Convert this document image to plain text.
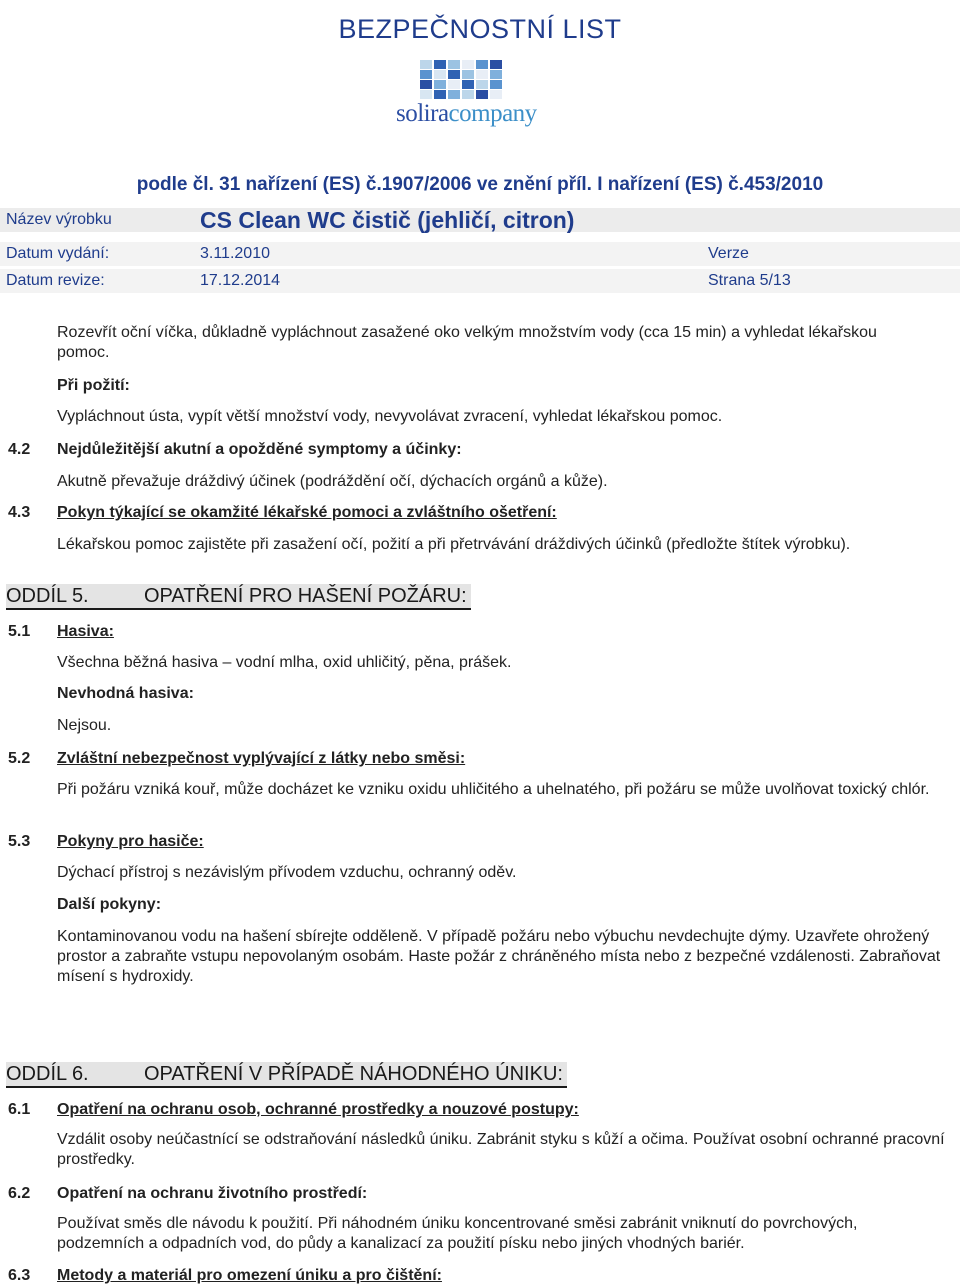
BEZPEČNOSTNÍ LIST
soliracompany
podle čl. 31 nařízení (ES) č.1907/2006 ve znění příl. I nařízení (ES) č.453/2010
Název výrobku	CS Clean WC čistič (jehličí, citron)
Datum vydání:	3.11.2010	Verze
Datum revize:	17.12.2014	Strana 5/13
Rozevřít oční víčka, důkladně vypláchnout zasažené oko velkým množstvím vody (cca 15 min) a vyhledat lékařskou pomoc.
Při požití:
Vypláchnout ústa, vypít větší množství vody, nevyvolávat zvracení, vyhledat lékařskou pomoc.
4.2 Nejdůležitější akutní a opožděné symptomy a účinky:
Akutně převažuje dráždivý účinek (podráždění očí, dýchacích orgánů a kůže).
4.3 Pokyn týkající se okamžité lékařské pomoci a zvláštního ošetření:
Lékařskou pomoc zajistěte při zasažení očí, požití a při přetrvávání dráždivých účinků (předložte štítek výrobku).
ODDÍL 5.	OPATŘENÍ PRO HAŠENÍ POŽÁRU:
5.1 Hasiva:
Všechna běžná hasiva – vodní mlha, oxid uhličitý, pěna, prášek.
Nevhodná hasiva:
Nejsou.
5.2 Zvláštní nebezpečnost vyplývající z látky nebo směsi:
Při požáru vzniká kouř, může docházet ke vzniku oxidu uhličitého a uhelnatého, při požáru se může uvolňovat toxický chlór.
5.3 Pokyny pro hasiče:
Dýchací přístroj s nezávislým přívodem vzduchu, ochranný oděv.
Další pokyny:
Kontaminovanou vodu na hašení sbírejte odděleně. V případě požáru nebo výbuchu nevdechujte dýmy. Uzavřete ohrožený prostor a zabraňte vstupu nepovolaným osobám. Haste požár z chráněného místa nebo z bezpečné vzdálenosti. Zabraňovat mísení s hydroxidy.
ODDÍL 6.	OPATŘENÍ V PŘÍPADĚ NÁHODNÉHO ÚNIKU:
6.1 Opatření na ochranu osob, ochranné prostředky a nouzové postupy:
Vzdálit osoby neúčastnící se odstraňování následků úniku. Zabránit styku s kůží a očima. Používat osobní ochranné pracovní prostředky.
6.2 Opatření na ochranu životního prostředí:
Používat směs dle návodu k použití. Při náhodném úniku koncentrované směsi zabránit vniknutí do povrchových, podzemních a odpadních vod, do půdy a kanalizací za použití písku nebo jiných vhodných bariér.
6.3 Metody a materiál pro omezení úniku a pro čištění:
